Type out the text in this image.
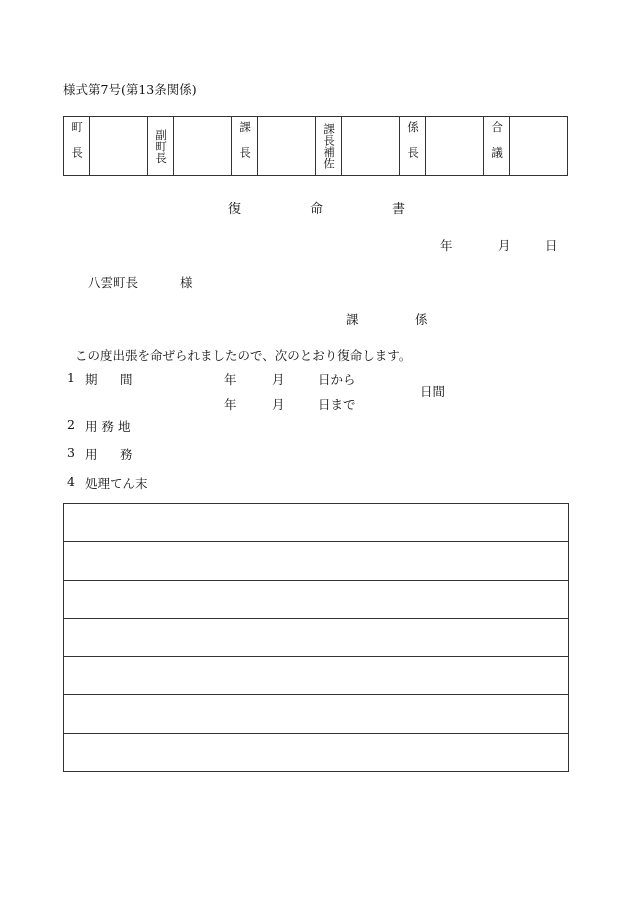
様式第7号(第13条関係)
町長	副町長	課長	課長補佐	係長	合議
復	命	書
年	月	日
八雲町長	様
課	係
この度出張を命ぜられましたので、次のとおり復命します。
1 期 間	年	月	日から
年	月	日まで
日間
2 用 務 地
3 用 務
4 処理てん末
